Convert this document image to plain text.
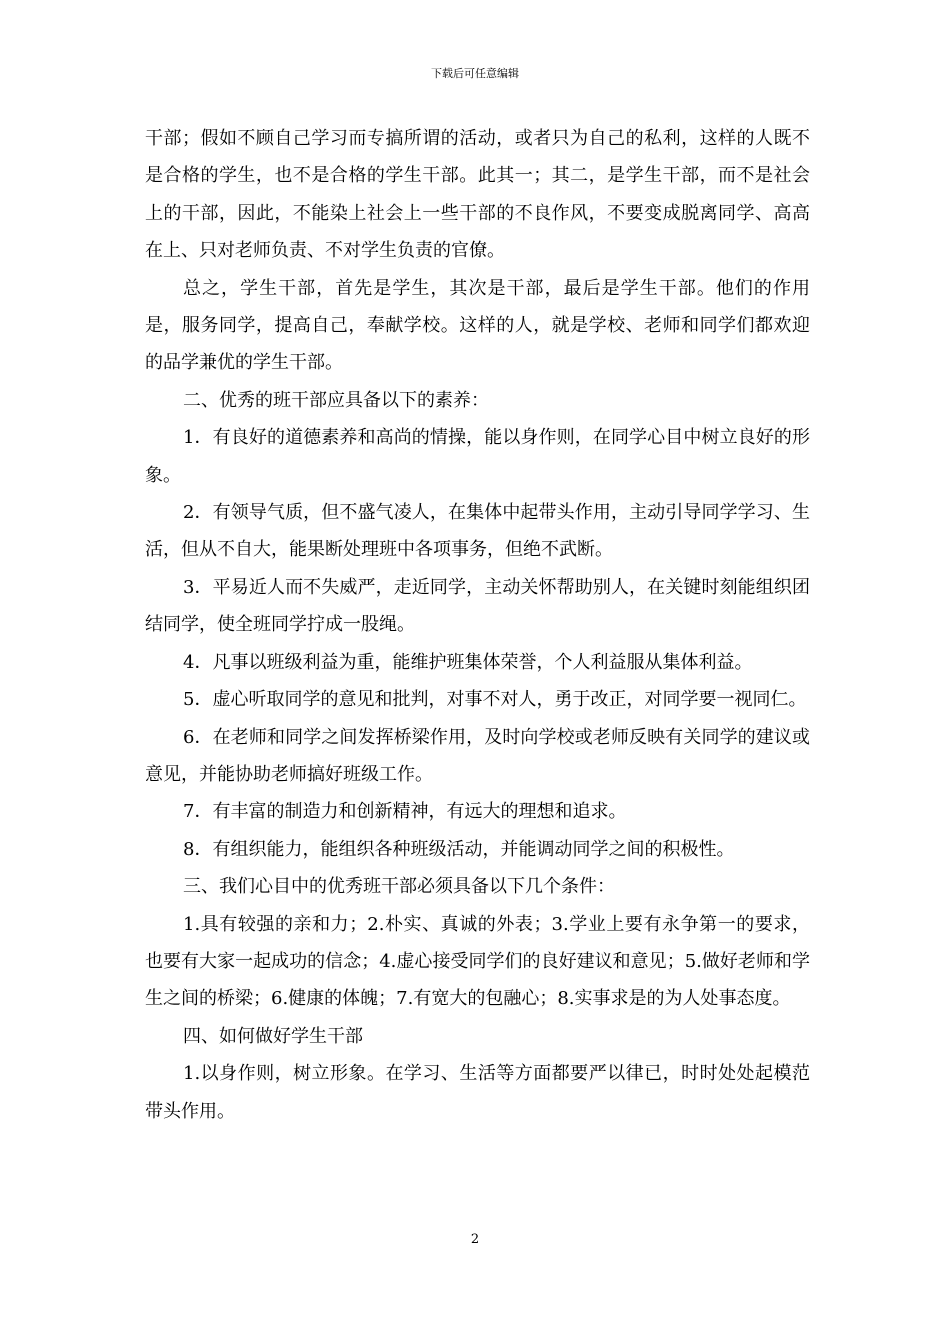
下载后可任意编辑

干部；假如不顾自己学习而专搞所谓的活动，或者只为自己的私利，这样的人既不是合格的学生，也不是合格的学生干部。此其一；其二，是学生干部，而不是社会上的干部，因此，不能染上社会上一些干部的不良作风，不要变成脱离同学、高高在上、只对老师负责、不对学生负责的官僚。

总之，学生干部，首先是学生，其次是干部，最后是学生干部。他们的作用是，服务同学，提高自己，奉献学校。这样的人，就是学校、老师和同学们都欢迎的品学兼优的学生干部。

二、优秀的班干部应具备以下的素养：

1．有良好的道德素养和高尚的情操，能以身作则，在同学心目中树立良好的形象。

2．有领导气质，但不盛气凌人，在集体中起带头作用，主动引导同学学习、生活，但从不自大，能果断处理班中各项事务，但绝不武断。

3．平易近人而不失威严，走近同学，主动关怀帮助别人，在关键时刻能组织团结同学，使全班同学拧成一股绳。

4．凡事以班级利益为重，能维护班集体荣誉，个人利益服从集体利益。

5．虚心听取同学的意见和批判，对事不对人，勇于改正，对同学要一视同仁。

6．在老师和同学之间发挥桥梁作用，及时向学校或老师反映有关同学的建议或意见，并能协助老师搞好班级工作。

7．有丰富的制造力和创新精神，有远大的理想和追求。

8．有组织能力，能组织各种班级活动，并能调动同学之间的积极性。

三、我们心目中的优秀班干部必须具备以下几个条件：

1.具有较强的亲和力；2.朴实、真诚的外表；3.学业上要有永争第一的要求，也要有大家一起成功的信念；4.虚心接受同学们的良好建议和意见；5.做好老师和学生之间的桥梁；6.健康的体魄；7.有宽大的包融心；8.实事求是的为人处事态度。

四、如何做好学生干部

1.以身作则，树立形象。在学习、生活等方面都要严以律已，时时处处起模范带头作用。

2
